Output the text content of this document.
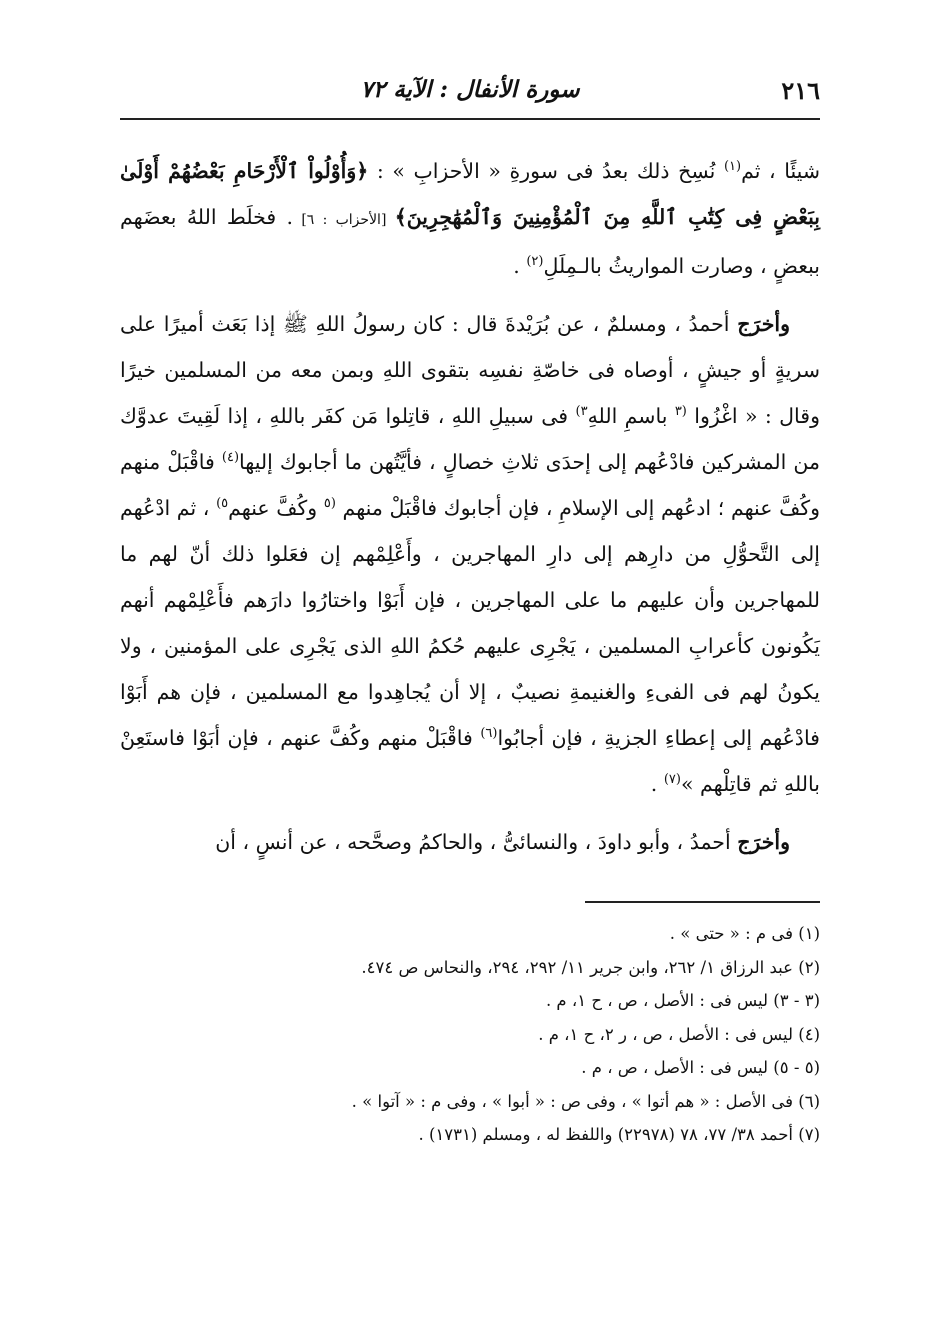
٢١٦
سورة الأنفال : الآية ٧٢

شيئًا ، ثم$^{(١)}$ نُسِخ ذلك بعدُ فى سورةِ « الأحزابِ » : ﴿وَأُوْلُواْ ٱلْأَرْحَامِ بَعْضُهُمْ أَوْلَىٰ بِبَعْضٍ فِى كِتَٰبِ ٱللَّهِ مِنَ ٱلْمُؤْمِنِينَ وَٱلْمُهَٰجِرِينَ﴾ [الأحزاب : ٦] . فخلَط اللهُ بعضَهم ببعضٍ ، وصارت المواريثُ بالـمِلَلِ$^{(٢)}$ .

وأخرَج أحمدُ ، ومسلمٌ ، عن بُرَيْدةَ قال : كان رسولُ اللهِ ﷺ إذا بَعَث أميرًا على سريةٍ أو جيشٍ ، أوصاه فى خاصّةِ نفسِه بتقوى اللهِ وبمن معه من المسلمين خيرًا وقال : « اغْزُوا $^{(٣}$ باسمِ اللهِ$^{٣)}$ فى سبيلِ اللهِ ، قاتِلوا مَن كفَر باللهِ ، إذا لَقِيتَ عدوَّك من المشركين فادْعُهم إلى إحدَى ثلاثِ خصالٍ ، فأيَّتُهن ما أجابوك إليها$^{(٤)}$ فاقْبَلْ منهم وكُفَّ عنهم ؛ ادعُهم إلى الإسلامِ ، فإن أجابوك فاقْبَلْ منهم $^{(٥}$ وكُفَّ عنهم$^{٥)}$ ، ثم ادْعُهم إلى التَّحوُّلِ من دارِهم إلى دارِ المهاجرين ، وأَعْلِمْهم إن فعَلوا ذلك أنّ لهم ما للمهاجرين وأن عليهم ما على المهاجرين ، فإن أَبَوْا واختارُوا دارَهم فأَعْلِمْهم أنهم يَكُونون كأعرابِ المسلمين ، يَجْرِى عليهم حُكمُ اللهِ الذى يَجْرِى على المؤمنين ، ولا يكونُ لهم فى الفىءِ والغنيمةِ نصيبٌ ، إلا أن يُجاهِدوا مع المسلمين ، فإن هم أَبَوْا فادْعُهم إلى إعطاءِ الجزيةِ ، فإن أجابُوا$^{(٦)}$ فاقْبَلْ منهم وكُفَّ عنهم ، فإن أبَوْا فاستَعِنْ باللهِ ثم قاتِلْهم »$^{(٧)}$ .

وأخرَج أحمدُ ، وأبو داودَ ، والنسائىُّ ، والحاكمُ وصحَّحه ، عن أنسٍ ، أن

(١) فى م : « حتى » .
(٢) عبد الرزاق ١/ ٢٦٢، وابن جرير ١١/ ٢٩٢، ٢٩٤، والنحاس ص ٤٧٤.
(٣ - ٣) ليس فى : الأصل ، ص ، ح ١، م .
(٤) ليس فى : الأصل ، ص ، ر ٢، ح ١، م .
(٥ - ٥) ليس فى : الأصل ، ص ، م .
(٦) فى الأصل : « هم أتوا » ، وفى ص : « أبوا » ، وفى م : « آتوا » .
(٧) أحمد ٣٨/ ٧٧، ٧٨ (٢٢٩٧٨) واللفظ له ، ومسلم (١٧٣١) .
